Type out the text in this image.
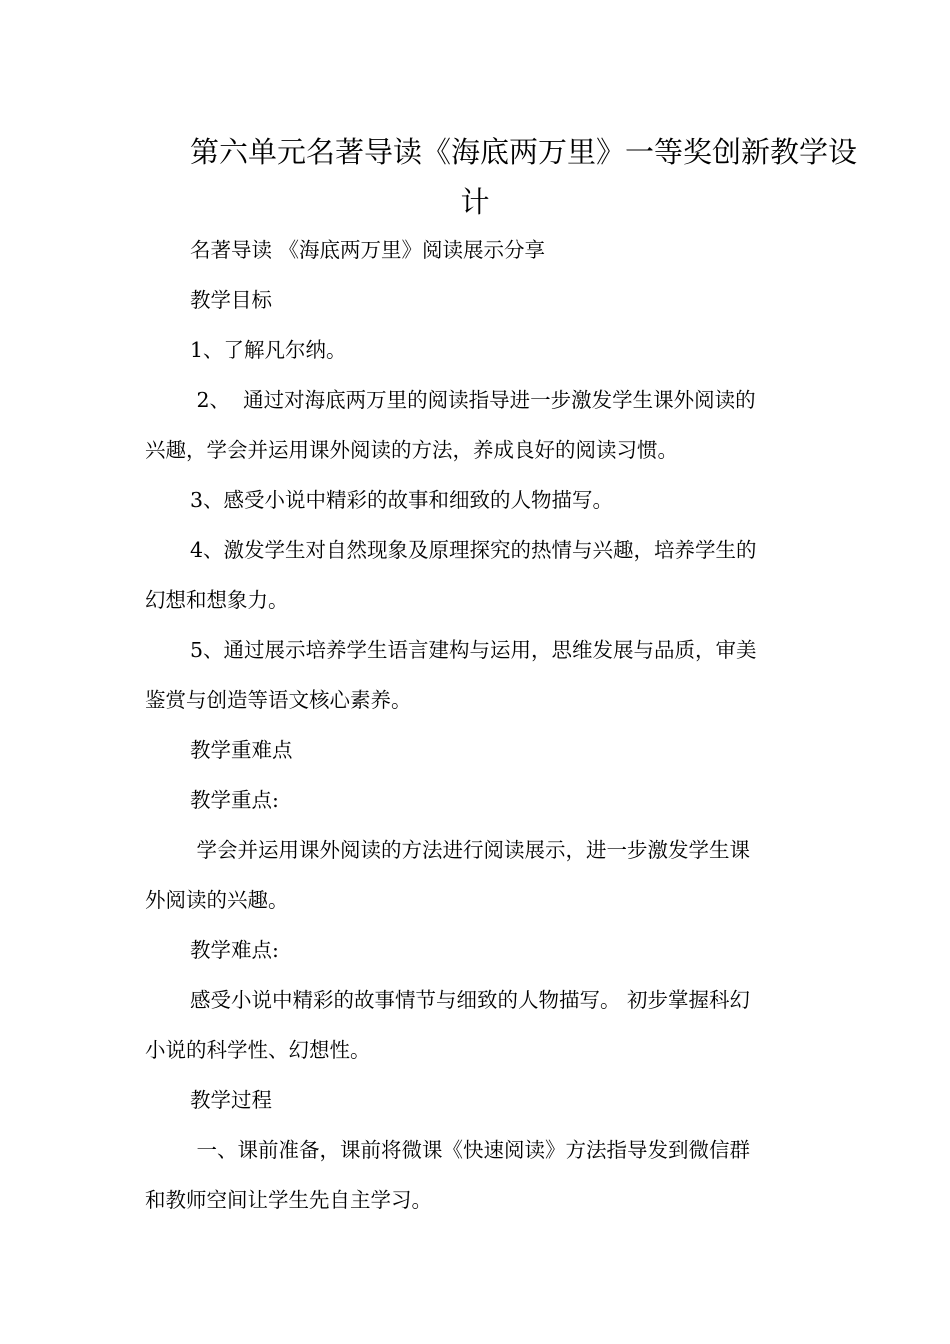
第六单元名著导读《海底两万里》一等奖创新教学设
计
名著导读 《海底两万里》阅读展示分享
教学目标
1、了解凡尔纳。
2、  通过对海底两万里的阅读指导进一步激发学生课外阅读的
兴趣，学会并运用课外阅读的方法，养成良好的阅读习惯。
3、感受小说中精彩的故事和细致的人物描写。
4、激发学生对自然现象及原理探究的热情与兴趣，培养学生的
幻想和想象力。
5、通过展示培养学生语言建构与运用，思维发展与品质，审美
鉴赏与创造等语文核心素养。
教学重难点
教学重点:
学会并运用课外阅读的方法进行阅读展示，进一步激发学生课
外阅读的兴趣。
教学难点:
感受小说中精彩的故事情节与细致的人物描写。 初步掌握科幻
小说的科学性、幻想性。
教学过程
一、课前准备，课前将微课《快速阅读》方法指导发到微信群
和教师空间让学生先自主学习。
